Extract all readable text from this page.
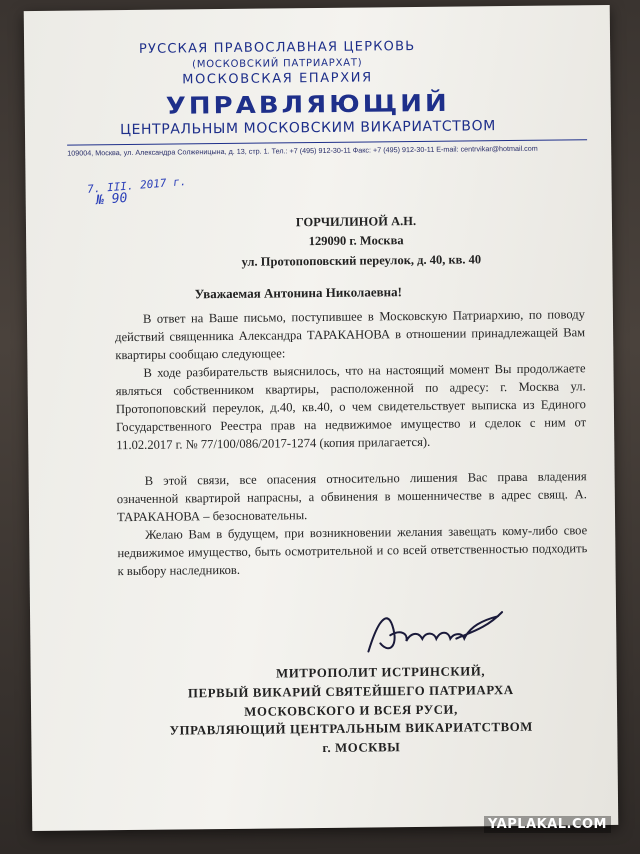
РУССКАЯ ПРАВОСЛАВНАЯ ЦЕРКОВЬ
(МОСКОВСКИЙ ПАТРИАРХАТ)
МОСКОВСКАЯ ЕПАРХИЯ
УПРАВЛЯЮЩИЙ
ЦЕНТРАЛЬНЫМ МОСКОВСКИМ ВИКАРИАТСТВОМ
109004, Москва, ул. Александра Солженицына, д. 13, стр. 1. Тел.: +7 (495) 912-30-11 Факс: +7 (495) 912-30-11 E-mail: centrvikar@hotmail.com
7. III. 2017 г.
№ 90
ГОРЧИЛИНОЙ А.Н.
129090 г. Москва
ул. Протопоповский переулок, д. 40, кв. 40
Уважаемая Антонина Николаевна!

В ответ на Ваше письмо, поступившее в Московскую Патриархию, по поводу действий священника Александра ТАРАКАНОВА в отношении принадлежащей Вам квартиры сообщаю следующее:

В ходе разбирательств выяснилось, что на настоящий момент Вы продолжаете являться собственником квартиры, расположенной по адресу: г. Москва ул. Протопоповский переулок, д.40, кв.40, о чем свидетельствует выписка из Единого Государственного Реестра прав на недвижимое имущество и сделок с ним от 11.02.2017 г. № 77/100/086/2017-1274 (копия прилагается).

В этой связи, все опасения относительно лишения Вас права владения означенной квартирой напрасны, а обвинения в мошенничестве в адрес свящ. А. ТАРАКАНОВА – безосновательны.

Желаю Вам в будущем, при возникновении желания завещать кому-либо свое недвижимое имущество, быть осмотрительной и со всей ответственностью подходить к выбору наследников.

МИТРОПОЛИТ ИСТРИНСКИЙ,
ПЕРВЫЙ ВИКАРИЙ СВЯТЕЙШЕГО ПАТРИАРХА
МОСКОВСКОГО И ВСЕЯ РУСИ,
УПРАВЛЯЮЩИЙ ЦЕНТРАЛЬНЫМ ВИКАРИАТСТВОМ
г. МОСКВЫ
YAPLAKAL.COM
